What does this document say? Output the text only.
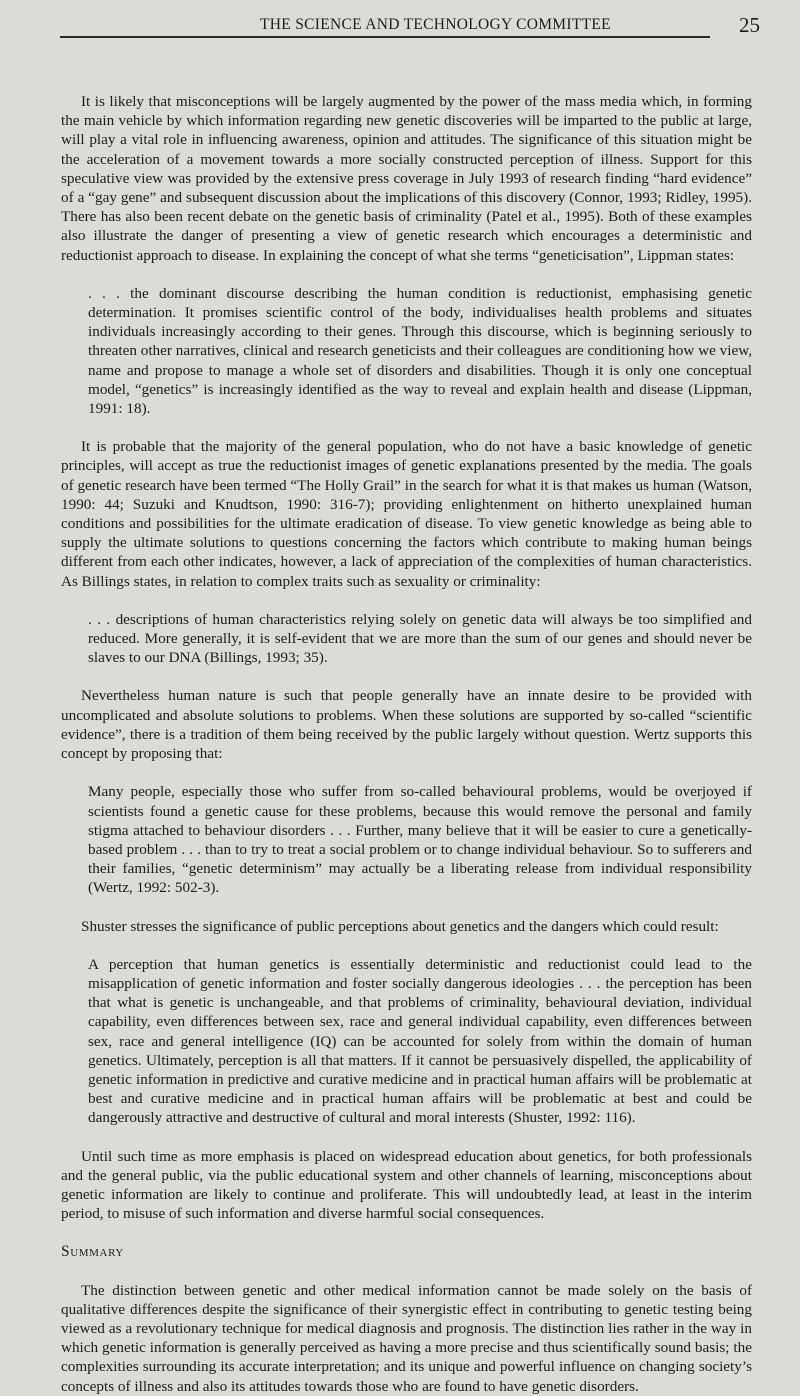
THE SCIENCE AND TECHNOLOGY COMMITTEE	25

It is likely that misconceptions will be largely augmented by the power of the mass media which, in forming the main vehicle by which information regarding new genetic discoveries will be imparted to the public at large, will play a vital role in influencing awareness, opinion and attitudes. The significance of this situation might be the acceleration of a movement towards a more socially constructed perception of illness. Support for this speculative view was provided by the extensive press coverage in July 1993 of research finding “hard evidence” of a “gay gene” and subsequent discussion about the implications of this discovery (Connor, 1993; Ridley, 1995). There has also been recent debate on the genetic basis of criminality (Patel et al., 1995). Both of these examples also illustrate the danger of presenting a view of genetic research which encourages a deterministic and reductionist approach to disease. In explaining the concept of what she terms “geneticisation”, Lippman states:

. . . the dominant discourse describing the human condition is reductionist, emphasising genetic determination. It promises scientific control of the body, individualises health problems and situates individuals increasingly according to their genes. Through this discourse, which is beginning seriously to threaten other narratives, clinical and research geneticists and their colleagues are conditioning how we view, name and propose to manage a whole set of disorders and disabilities. Though it is only one conceptual model, “genetics” is increasingly identified as the way to reveal and explain health and disease (Lippman, 1991: 18).

It is probable that the majority of the general population, who do not have a basic knowledge of genetic principles, will accept as true the reductionist images of genetic explanations presented by the media. The goals of genetic research have been termed “The Holly Grail” in the search for what it is that makes us human (Watson, 1990: 44; Suzuki and Knudtson, 1990: 316-7); providing enlightenment on hitherto unexplained human conditions and possibilities for the ultimate eradication of disease. To view genetic knowledge as being able to supply the ultimate solutions to questions concerning the factors which contribute to making human beings different from each other indicates, however, a lack of appreciation of the complexities of human characteristics. As Billings states, in relation to complex traits such as sexuality or criminality:

. . . descriptions of human characteristics relying solely on genetic data will always be too simplified and reduced. More generally, it is self-evident that we are more than the sum of our genes and should never be slaves to our DNA (Billings, 1993; 35).

Nevertheless human nature is such that people generally have an innate desire to be provided with uncomplicated and absolute solutions to problems. When these solutions are supported by so-called “scientific evidence”, there is a tradition of them being received by the public largely without question. Wertz supports this concept by proposing that:

Many people, especially those who suffer from so-called behavioural problems, would be overjoyed if scientists found a genetic cause for these problems, because this would remove the personal and family stigma attached to behaviour disorders . . . Further, many believe that it will be easier to cure a genetically-based problem . . . than to try to treat a social problem or to change individual behaviour. So to sufferers and their families, “genetic determinism” may actually be a liberating release from individual responsibility (Wertz, 1992: 502-3).

Shuster stresses the significance of public perceptions about genetics and the dangers which could result:

A perception that human genetics is essentially deterministic and reductionist could lead to the misapplication of genetic information and foster socially dangerous ideologies . . . the perception has been that what is genetic is unchangeable, and that problems of criminality, behavioural deviation, individual capability, even differences between sex, race and general individual capability, even differences between sex, race and general intelligence (IQ) can be accounted for solely from within the domain of human genetics. Ultimately, perception is all that matters. If it cannot be persuasively dispelled, the applicability of genetic information in predictive and curative medicine and in practical human affairs will be problematic at best and curative medicine and in practical human affairs will be problematic at best and could be dangerously attractive and destructive of cultural and moral interests (Shuster, 1992: 116).

Until such time as more emphasis is placed on widespread education about genetics, for both professionals and the general public, via the public educational system and other channels of learning, misconceptions about genetic information are likely to continue and proliferate. This will undoubtedly lead, at least in the interim period, to misuse of such information and diverse harmful social consequences.

Summary

The distinction between genetic and other medical information cannot be made solely on the basis of qualitative differences despite the significance of their synergistic effect in contributing to genetic testing being viewed as a revolutionary technique for medical diagnosis and prognosis. The distinction lies rather in the way in which genetic information is generally perceived as having a more precise and thus scientifically sound basis; the complexities surrounding its accurate interpretation; and its unique and powerful influence on changing society’s concepts of illness and also its attitudes towards those who are found to have genetic disorders.
